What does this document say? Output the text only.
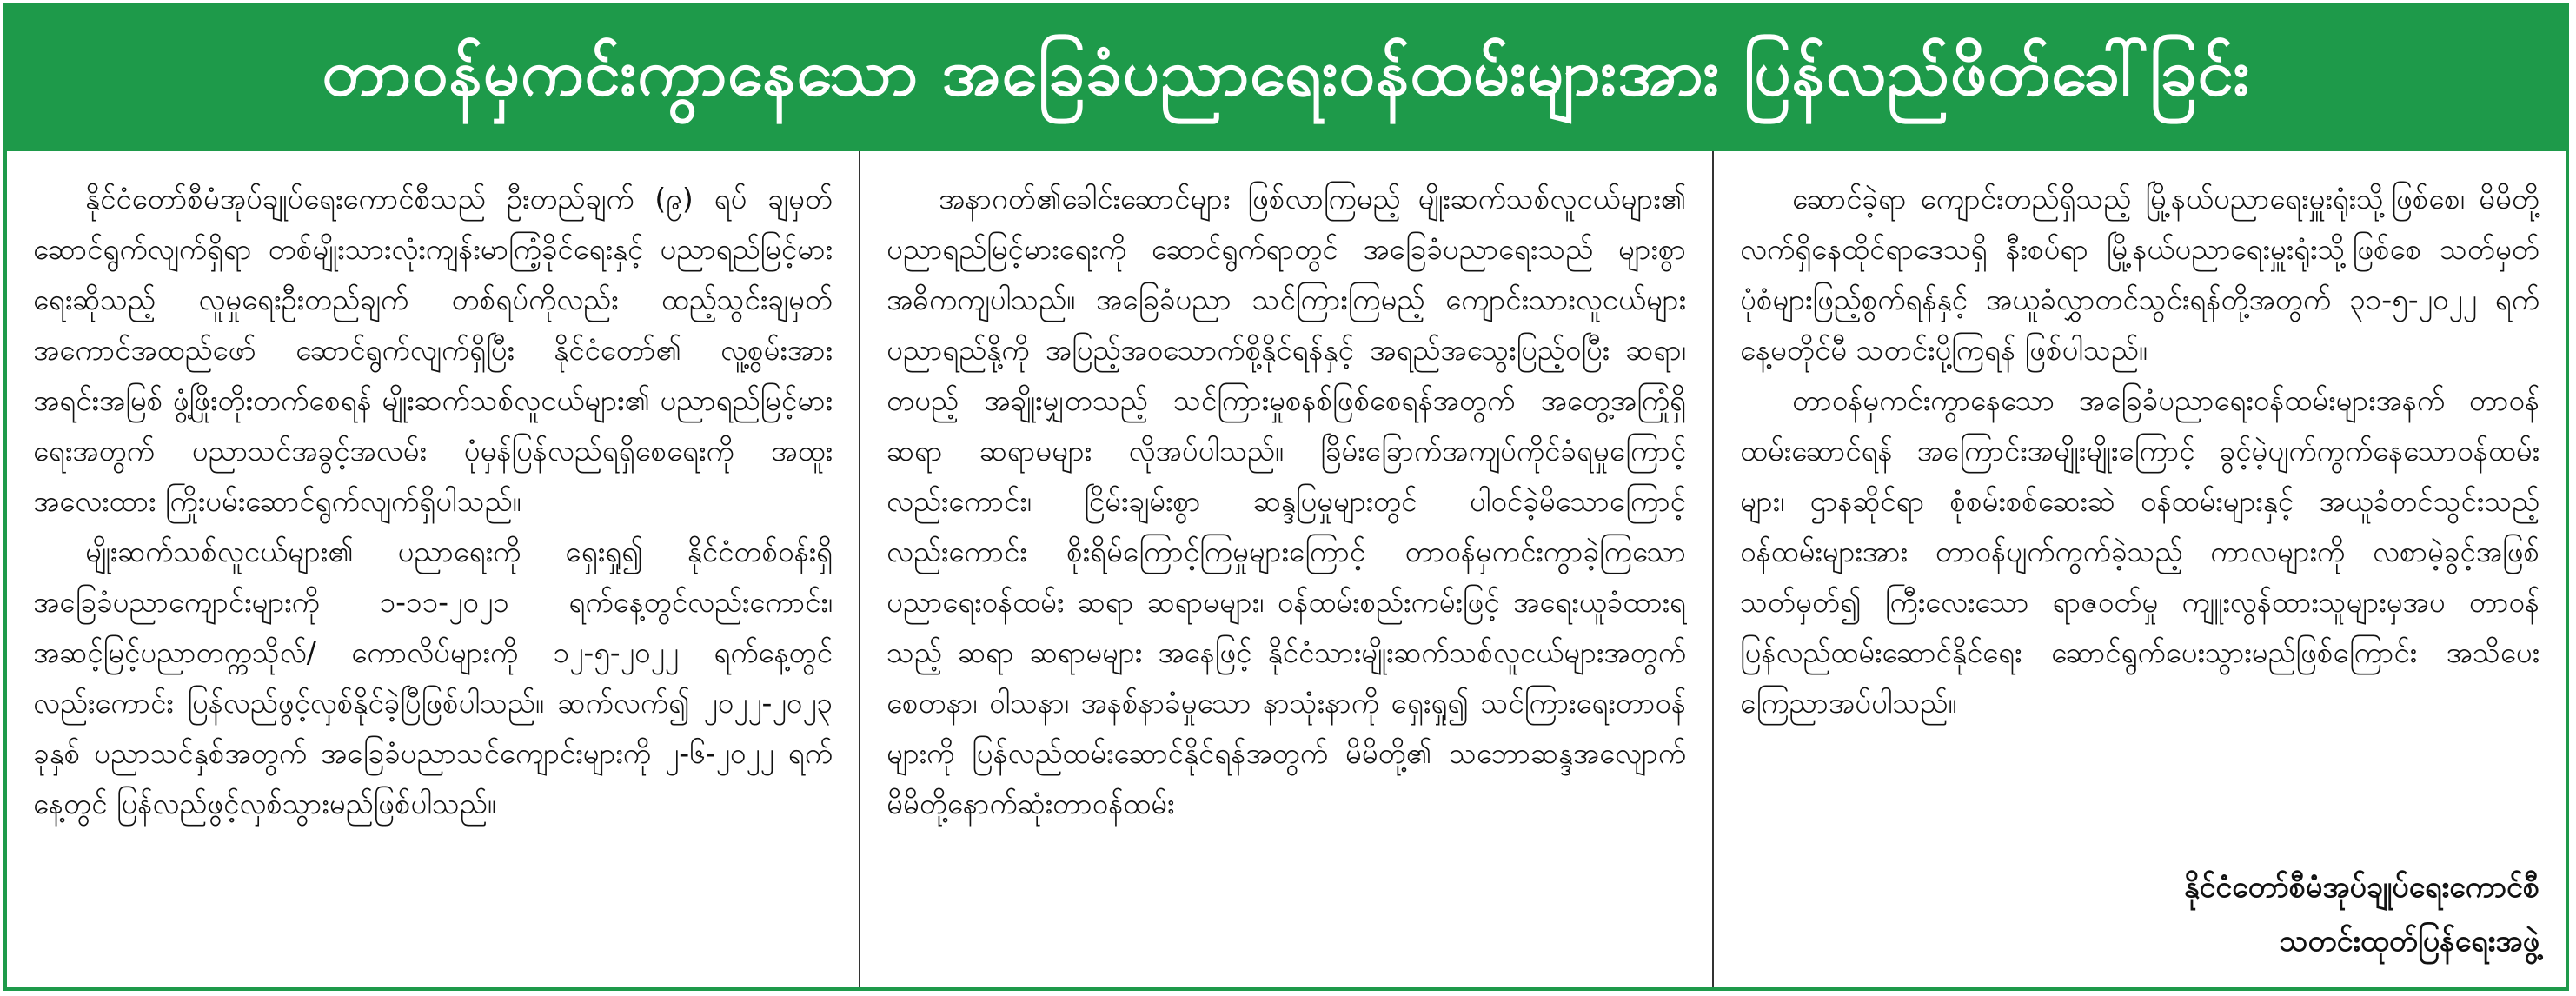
တာဝန်မှကင်းကွာနေသော အခြေခံပညာရေးဝန်ထမ်းများအား ပြန်လည်ဖိတ်ခေါ်ခြင်း

နိုင်ငံတော်စီမံအုပ်ချုပ်ရေးကောင်စီသည် ဦးတည်ချက် (၉) ရပ် ချမှတ်ဆောင်ရွက်လျက်ရှိရာ တစ်မျိုးသားလုံးကျန်းမာကြံ့ခိုင်ရေးနှင့် ပညာရည်မြင့်မားရေးဆိုသည့် လူမှုရေးဦးတည်ချက် တစ်ရပ်ကိုလည်း ထည့်သွင်းချမှတ်အကောင်အထည်ဖော် ဆောင်ရွက်လျက်ရှိပြီး နိုင်ငံတော်၏ လူ့စွမ်းအားအရင်းအမြစ် ဖွံ့ဖြိုးတိုးတက်စေရန် မျိုးဆက်သစ်လူငယ်များ၏ ပညာရည်မြင့်မားရေးအတွက် ပညာသင်အခွင့်အလမ်း ပုံမှန်ပြန်လည်ရရှိစေရေးကို အထူးအလေးထား ကြိုးပမ်းဆောင်ရွက်လျက်ရှိပါသည်။

မျိုးဆက်သစ်လူငယ်များ၏ ပညာရေးကို ရှေးရှု၍ နိုင်ငံတစ်ဝန်းရှိ အခြေခံပညာကျောင်းများကို ၁-၁၁-၂၀၂၁ ရက်နေ့တွင်လည်းကောင်း၊ အဆင့်မြင့်ပညာတက္ကသိုလ်/ ကောလိပ်များကို ၁၂-၅-၂၀၂၂ ရက်နေ့တွင်လည်းကောင်း ပြန်လည်ဖွင့်လှစ်နိုင်ခဲ့ပြီဖြစ်ပါသည်။ ဆက်လက်၍ ၂၀၂၂-၂၀၂၃ ခုနှစ် ပညာသင်နှစ်အတွက် အခြေခံပညာသင်ကျောင်းများကို ၂-၆-၂၀၂၂ ရက်နေ့တွင် ပြန်လည်ဖွင့်လှစ်သွားမည်ဖြစ်ပါသည်။

အနာဂတ်၏ခေါင်းဆောင်များ ဖြစ်လာကြမည့် မျိုးဆက်သစ်လူငယ်များ၏ ပညာရည်မြင့်မားရေးကို ဆောင်ရွက်ရာတွင် အခြေခံပညာရေးသည် များစွာအဓိကကျပါသည်။ အခြေခံပညာ သင်ကြားကြမည့် ကျောင်းသားလူငယ်များ ပညာရည်နို့ကို အပြည့်အဝသောက်စို့နိုင်ရန်နှင့် အရည်အသွေးပြည့်ဝပြီး ဆရာ၊ တပည့် အချိုးမျှတသည့် သင်ကြားမှုစနစ်ဖြစ်စေရန်အတွက် အတွေ့အကြုံရှိ ဆရာ ဆရာမများ လိုအပ်ပါသည်။ ခြိမ်းခြောက်အကျပ်ကိုင်ခံရမှုကြောင့် လည်းကောင်း၊ ငြိမ်းချမ်းစွာ ဆန္ဒပြမှုများတွင် ပါဝင်ခဲ့မိသောကြောင့်လည်းကောင်း စိုးရိမ်ကြောင့်ကြမှုများကြောင့် တာဝန်မှကင်းကွာခဲ့ကြသော ပညာရေးဝန်ထမ်း ဆရာ ဆရာမများ၊ ဝန်ထမ်းစည်းကမ်းဖြင့် အရေးယူခံထားရသည့် ဆရာ ဆရာမများ အနေဖြင့် နိုင်ငံသားမျိုးဆက်သစ်လူငယ်များအတွက် စေတနာ၊ ဝါသနာ၊ အနစ်နာခံမှုသော နာသုံးနာကို ရှေးရှု၍ သင်ကြားရေးတာဝန်များကို ပြန်လည်ထမ်းဆောင်နိုင်ရန်အတွက် မိမိတို့၏ သဘောဆန္ဒအလျောက် မိမိတို့နောက်ဆုံးတာဝန်ထမ်း

ဆောင်ခဲ့ရာ ကျောင်းတည်ရှိသည့် မြို့နယ်ပညာရေးမှူးရုံးသို့ဖြစ်စေ၊ မိမိတို့လက်ရှိနေထိုင်ရာဒေသရှိ နီးစပ်ရာ မြို့နယ်ပညာရေးမှူးရုံးသို့ဖြစ်စေ သတ်မှတ်ပုံစံများဖြည့်စွက်ရန်နှင့် အယူခံလွှာတင်သွင်းရန်တို့အတွက် ၃၁-၅-၂၀၂၂ ရက်နေ့မတိုင်မီ သတင်းပို့ကြရန် ဖြစ်ပါသည်။

တာဝန်မှကင်းကွာနေသော အခြေခံပညာရေးဝန်ထမ်းများအနက် တာဝန်ထမ်းဆောင်ရန် အကြောင်းအမျိုးမျိုးကြောင့် ခွင့်မဲ့ပျက်ကွက်နေသောဝန်ထမ်းများ၊ ဌာနဆိုင်ရာ စုံစမ်းစစ်ဆေးဆဲ ဝန်ထမ်းများနှင့် အယူခံတင်သွင်းသည့် ဝန်ထမ်းများအား တာဝန်ပျက်ကွက်ခဲ့သည့် ကာလများကို လစာမဲ့ခွင့်အဖြစ်သတ်မှတ်၍ ကြီးလေးသော ရာဇဝတ်မှု ကျူးလွန်ထားသူများမှအပ တာဝန်ပြန်လည်ထမ်းဆောင်နိုင်ရေး ဆောင်ရွက်ပေးသွားမည်ဖြစ်ကြောင်း အသိပေးကြေညာအပ်ပါသည်။

နိုင်ငံတော်စီမံအုပ်ချုပ်ရေးကောင်စီ
သတင်းထုတ်ပြန်ရေးအဖွဲ့
